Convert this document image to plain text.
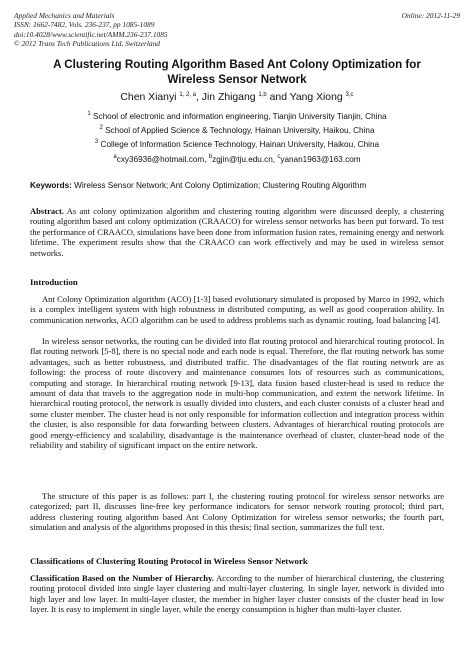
Applied Mechanics and Materials
ISSN: 1662-7482, Vols. 236-237, pp 1085-1089
doi:10.4028/www.scientific.net/AMM.236-237.1085
© 2012 Trans Tech Publications Ltd, Switzerland
Online: 2012-11-29
A Clustering Routing Algorithm Based Ant Colony Optimization for
Wireless Sensor Network
Chen Xianyi $^{1, 2, a}$, Jin Zhigang $^{1,b}$ and Yang Xiong $^{3,c}$
$^1$ School of electronic and information engineering, Tianjin University Tianjin, China
$^2$ School of Applied Science & Technology, Hainan University, Haikou, China
$^3$ College of Information Science Technology, Hainan University, Haikou, China
$^a$cxy36936@hotmail.com, $^b$zgjin@tju.edu.cn, $^c$yanan1963@163.com
Keywords: Wireless Sensor Network; Ant Colony Optimization; Clustering Routing Algorithm
Abstract. As ant colony optimization algorithm and clustering routing algorithm were discussed deeply, a clustering routing algorithm based ant colony optimization (CRAACO) for wireless sensor networks has been put forward. To test the performance of CRAACO, simulations have been done from information fusion rates, remaining energy and network lifetime. The experiment results show that the CRAACO can work effectively and may be used in wireless sensor networks.
Introduction
Ant Colony Optimization algorithm (ACO) [1-3] based evolutionary simulated is proposed by Marco in 1992, which is a complex intelligent system with high robustness in distributed computing, as well as good cooperation ability. In communication networks, ACO algorithm can be used to address problems such as dynamic routing, load balancing [4].
In wireless sensor networks, the routing can be divided into flat routing protocol and hierarchical routing protocol. In flat routing network [5-8], there is no special node and each node is equal. Therefore, the flat routing network has some advantages, such as better robustness, and distributed traffic. The disadvantages of the flat routing network are as following: the process of route discovery and maintenance consumes lots of resources such as communications, computing and storage. In hierarchical routing network [9-13], data fusion based cluster-head is used to reduce the amount of data that travels to the aggregation node in multi-hop communication, and extent the network lifetime. In hierarchical routing protocol, the network is usually divided into clusters, and each cluster consists of a cluster head and some cluster member. The cluster head is not only responsible for information collection and integration process within the cluster, is also responsible for data forwarding between clusters. Advantages of hierarchical routing protocols are good energy-efficiency and scalability, disadvantage is the maintenance overhead of cluster, cluster-head node of the reliability and stability of significant impact on the entire network.
The structure of this paper is as follows: part I, the clustering routing protocol for wireless sensor networks are categorized; part II, discusses line-free key performance indicators for sensor network routing protocol; third part, address clustering routing algorithm based Ant Colony Optimization for wireless sensor networks; the fourth part, simulation and analysis of the algorithms proposed in this thesis; final section, summarizes the full text.
Classifications of Clustering Routing Protocol in Wireless Sensor Network
Classification Based on the Number of Hierarchy. According to the number of hierarchical clustering, the clustering routing protocol divided into single layer clustering and multi-layer clustering. In single layer, network is divided into high layer and low layer. In multi-layer cluster, the member in higher layer cluster consists of the cluster head in low layer. It is easy to implement in single layer, while the energy consumption is higher than multi-layer cluster.
